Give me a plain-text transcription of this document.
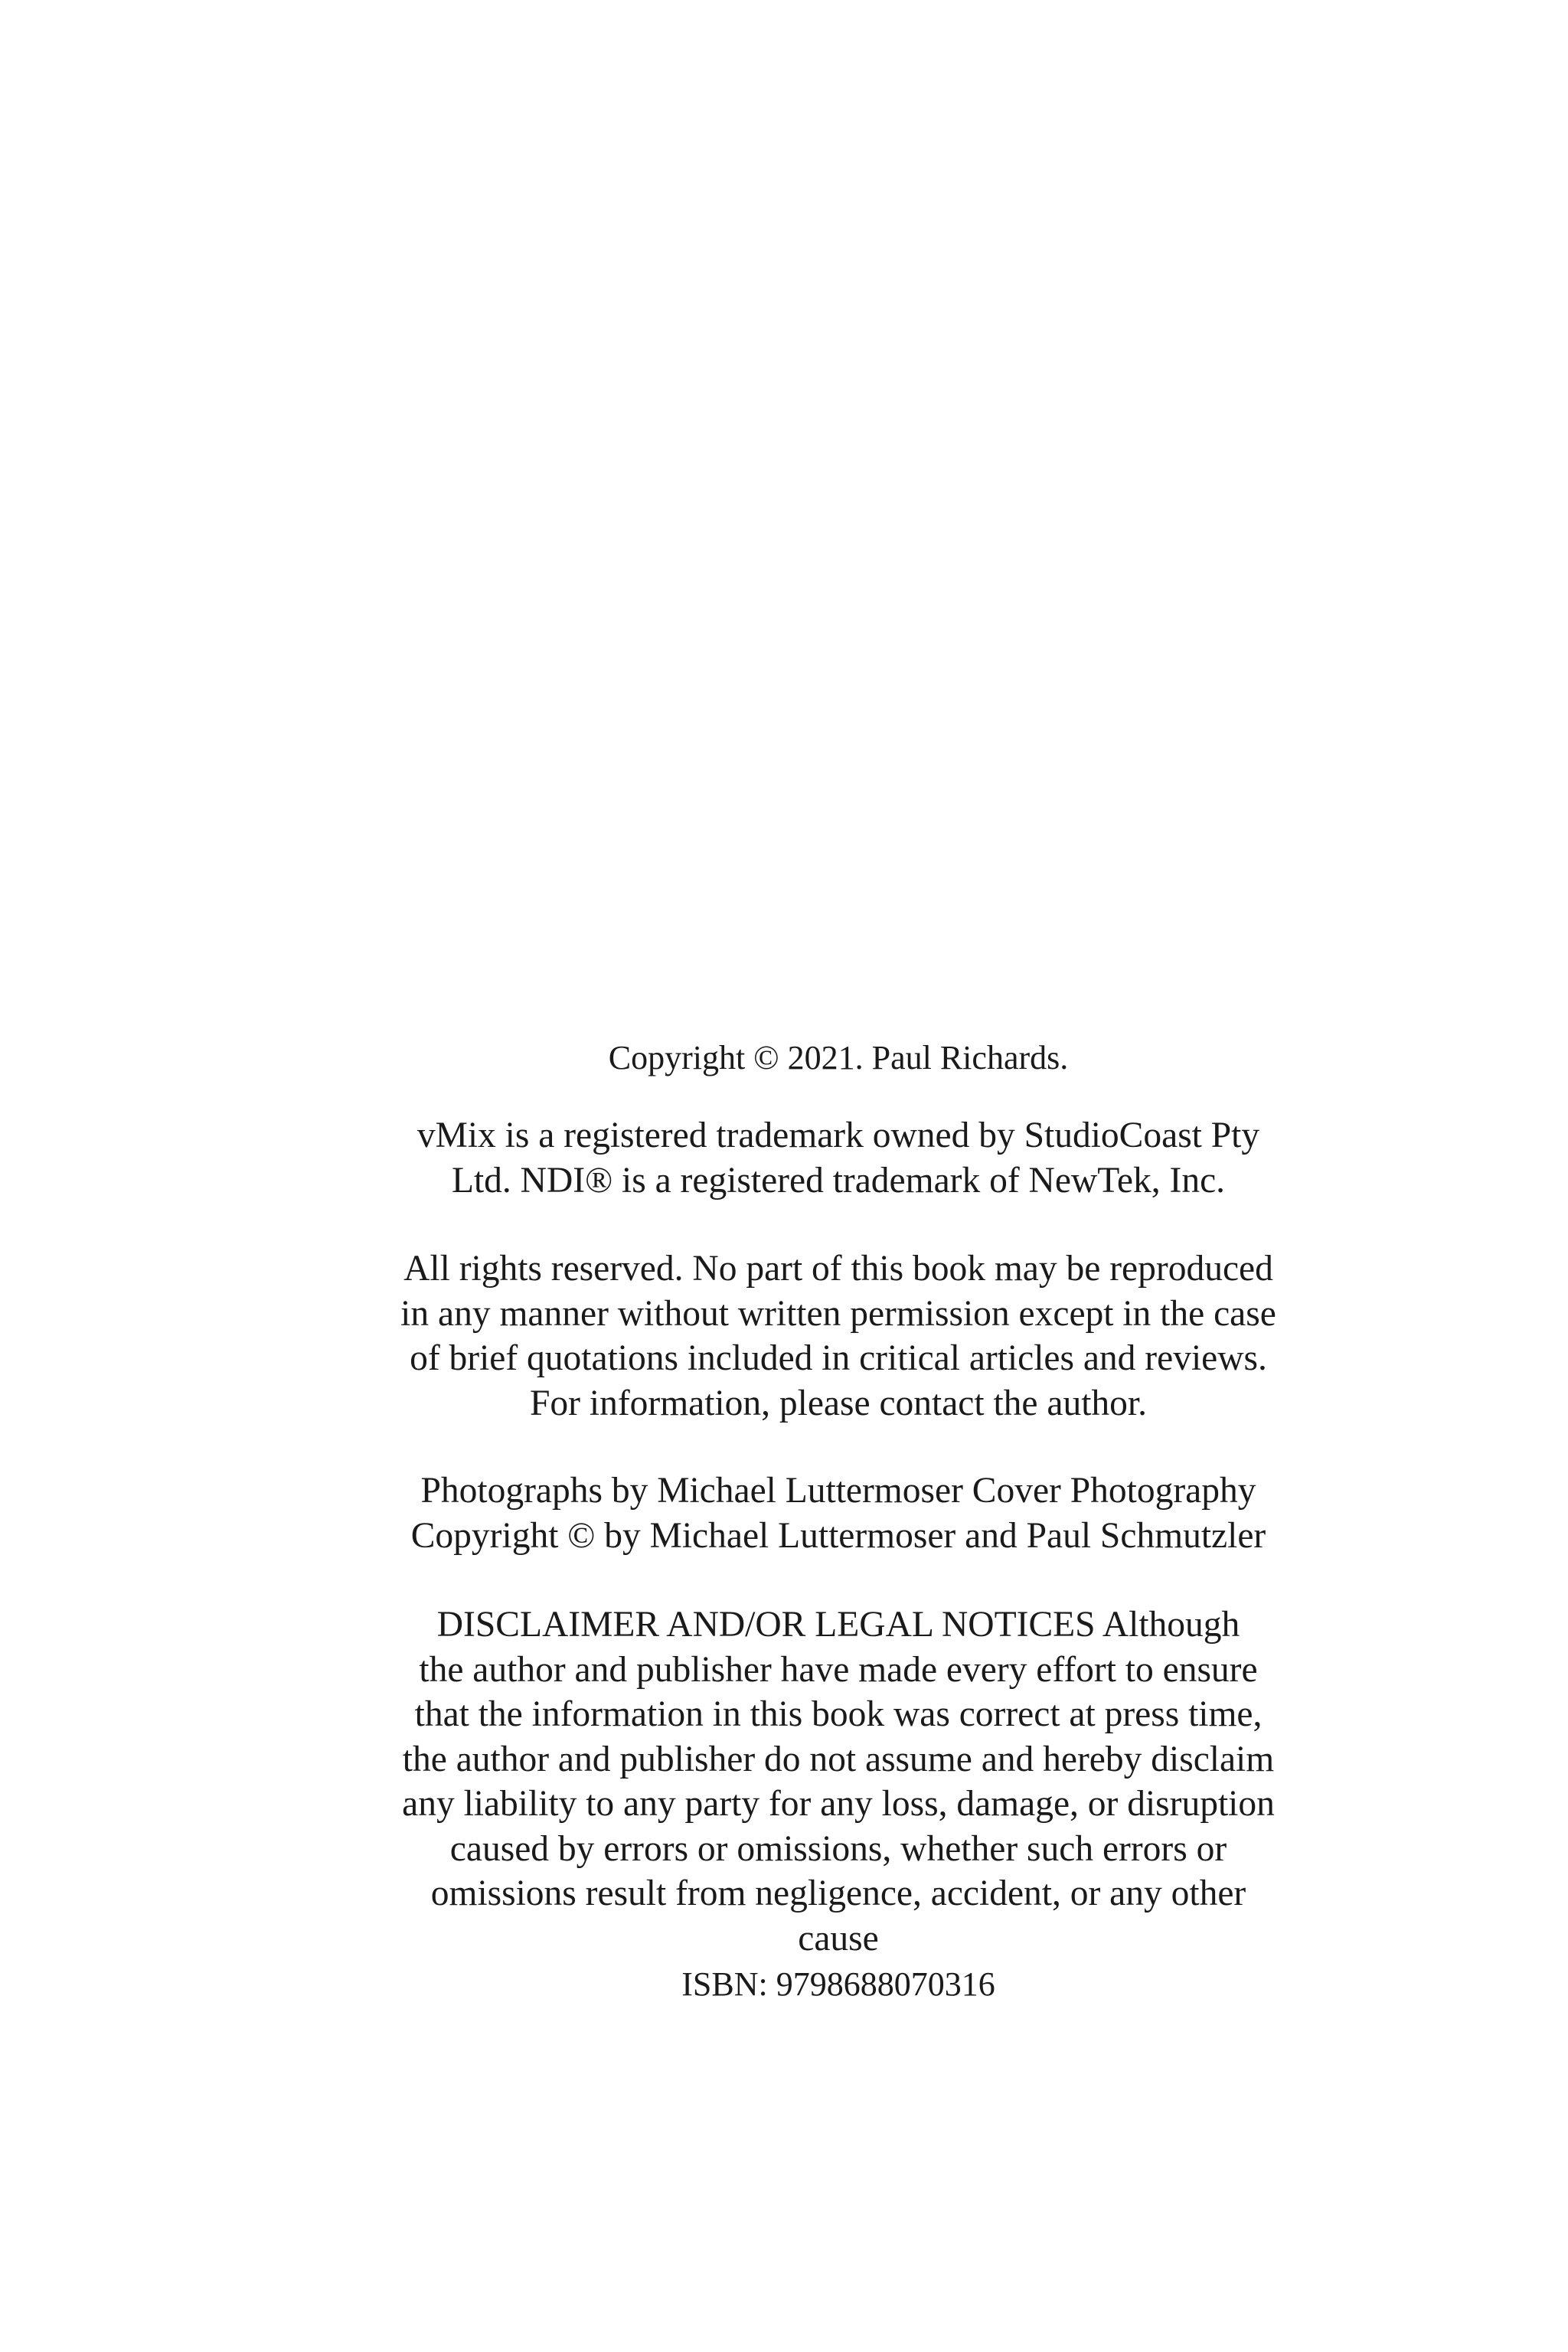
Copyright © 2021. Paul Richards.

vMix is a registered trademark owned by StudioCoast Pty
Ltd. NDI® is a registered trademark of NewTek, Inc.

All rights reserved. No part of this book may be reproduced
in any manner without written permission except in the case
of brief quotations included in critical articles and reviews.
For information, please contact the author.

Photographs by Michael Luttermoser Cover Photography
Copyright © by Michael Luttermoser and Paul Schmutzler

DISCLAIMER AND/OR LEGAL NOTICES Although
the author and publisher have made every effort to ensure
that the information in this book was correct at press time,
the author and publisher do not assume and hereby disclaim
any liability to any party for any loss, damage, or disruption
caused by errors or omissions, whether such errors or
omissions result from negligence, accident, or any other
cause

ISBN: 9798688070316
